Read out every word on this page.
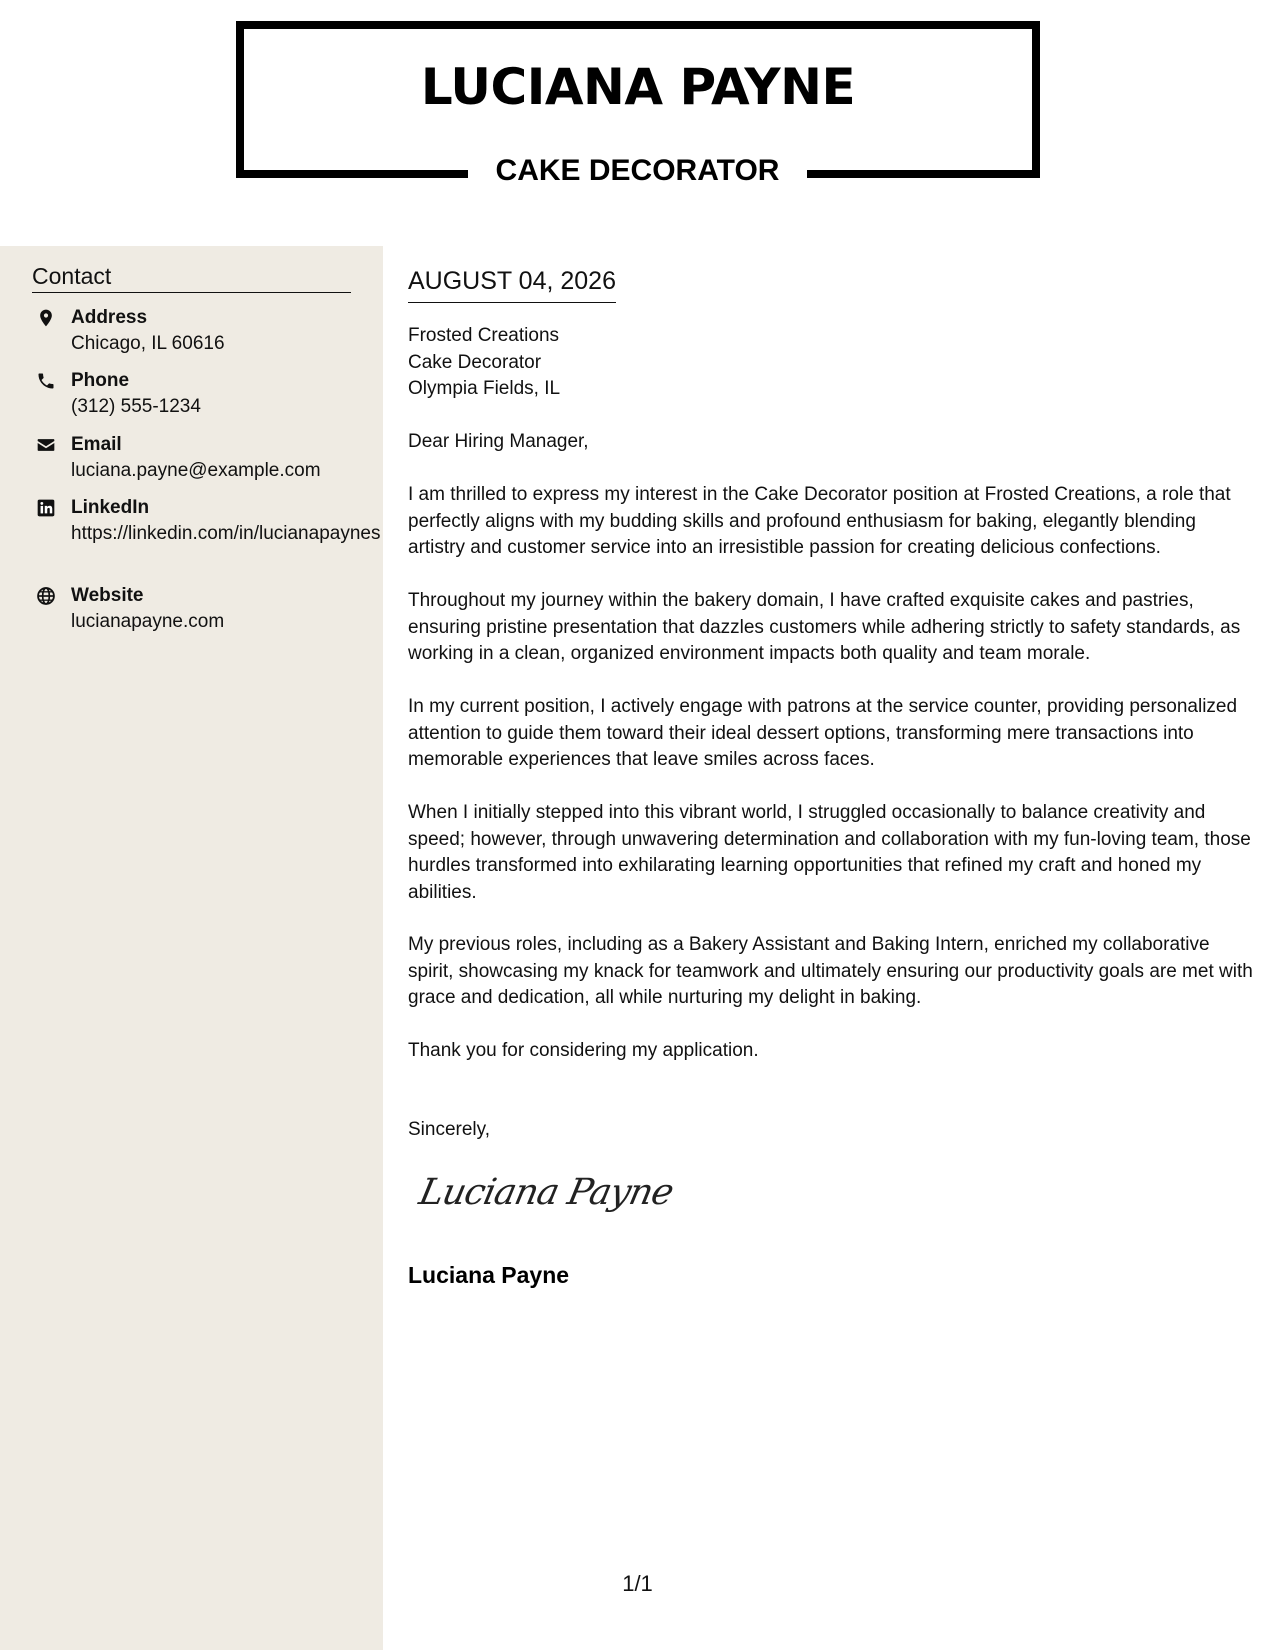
LUCIANA PAYNE
CAKE DECORATOR
Contact
Address
Chicago, IL 60616
Phone
(312) 555-1234
Email
luciana.payne@example.com
LinkedIn
https://linkedin.com/in/lucianapaynes
Website
lucianapayne.com
AUGUST 04, 2026
Frosted Creations
Cake Decorator
Olympia Fields, IL
Dear Hiring Manager,
I am thrilled to express my interest in the Cake Decorator position at Frosted Creations, a role that perfectly aligns with my budding skills and profound enthusiasm for baking, elegantly blending artistry and customer service into an irresistible passion for creating delicious confections.
Throughout my journey within the bakery domain, I have crafted exquisite cakes and pastries, ensuring pristine presentation that dazzles customers while adhering strictly to safety standards, as working in a clean, organized environment impacts both quality and team morale.
In my current position, I actively engage with patrons at the service counter, providing personalized attention to guide them toward their ideal dessert options, transforming mere transactions into memorable experiences that leave smiles across faces.
When I initially stepped into this vibrant world, I struggled occasionally to balance creativity and speed; however, through unwavering determination and collaboration with my fun-loving team, those hurdles transformed into exhilarating learning opportunities that refined my craft and honed my abilities.
My previous roles, including as a Bakery Assistant and Baking Intern, enriched my collaborative spirit, showcasing my knack for teamwork and ultimately ensuring our productivity goals are met with grace and dedication, all while nurturing my delight in baking.
Thank you for considering my application.
Sincerely,
Luciana Payne
Luciana Payne
1/1
